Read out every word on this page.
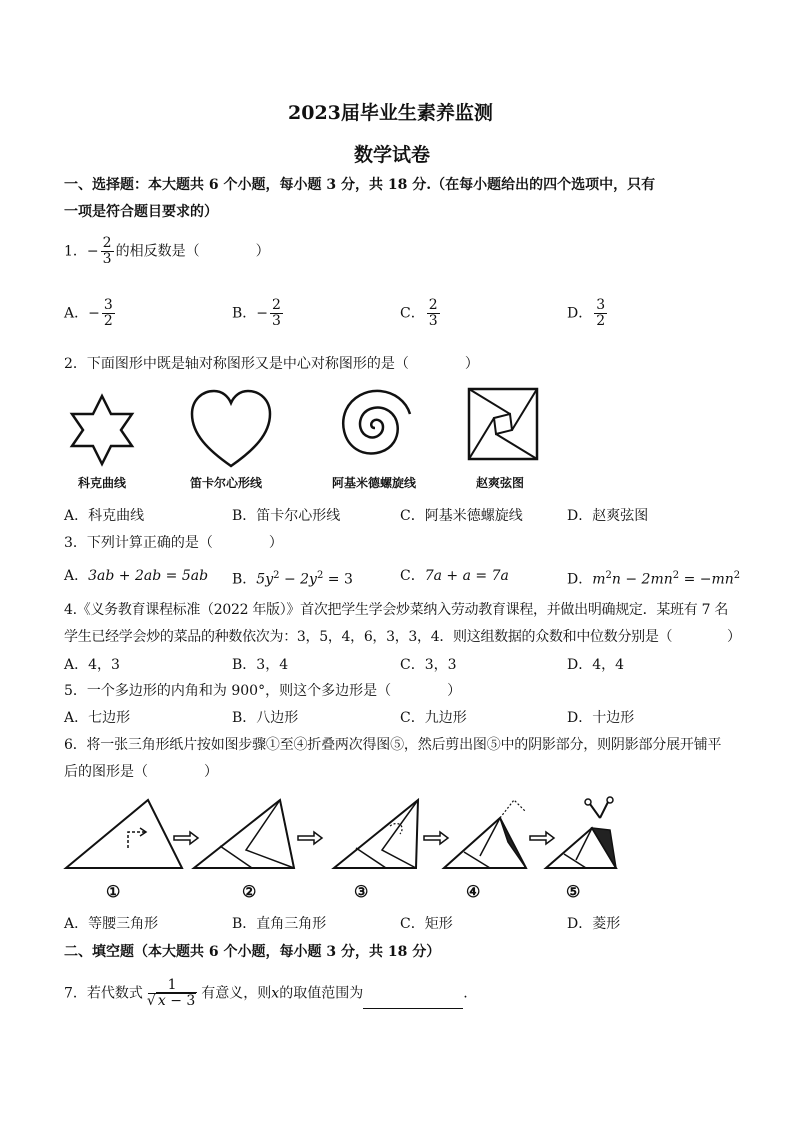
2023届毕业生素养监测
数学试卷
一、选择题：本大题共 6 个小题，每小题 3 分，共 18 分.（在每小题给出的四个选项中，只有
一项是符合题目要求的）
1．− $\frac{2}{3}$ 的相反数是（　　　　）
A．− $\frac{3}{2}$	B．− $\frac{2}{3}$	C． $\frac{2}{3}$	D． $\frac{3}{2}$
2．下面图形中既是轴对称图形又是中心对称图形的是（　　　　）
科克曲线	笛卡尔心形线	阿基米德螺旋线	赵爽弦图
A．科克曲线	B．笛卡尔心形线	C．阿基米德螺旋线	D．赵爽弦图
3．下列计算正确的是（　　　　）
A．3ab + 2ab = 5ab B．$5y^2 - 2y^2 = 3$	C．7a + a = 7a	D．$m^2n - 2mn^2 = -mn^2$
4.《义务教育课程标准（2022 年版）》首次把学生学会炒菜纳入劳动教育课程，并做出明确规定．某班有 7 名
学生已经学会炒的菜品的种数依次为：3，5，4，6，3，3，4．则这组数据的众数和中位数分别是（　　　　）
A．4，3	B．3，4	C．3，3	D．4，4
5．一个多边形的内角和为 900°，则这个多边形是（　　　　）
A．七边形	B．八边形	C．九边形	D．十边形
6．将一张三角形纸片按如图步骤①至④折叠两次得图⑤，然后剪出图⑤中的阴影部分，则阴影部分展开铺平
后的图形是（　　　　）
①	②	③	④	⑤
A．等腰三角形	B．直角三角形	C．矩形	D．菱形
二、填空题（本大题共 6 个小题，每小题 3 分，共 18 分）
7．若代数式 $\frac{1}{√ x - 3}$ 有意义，则x的取值范围为	.
